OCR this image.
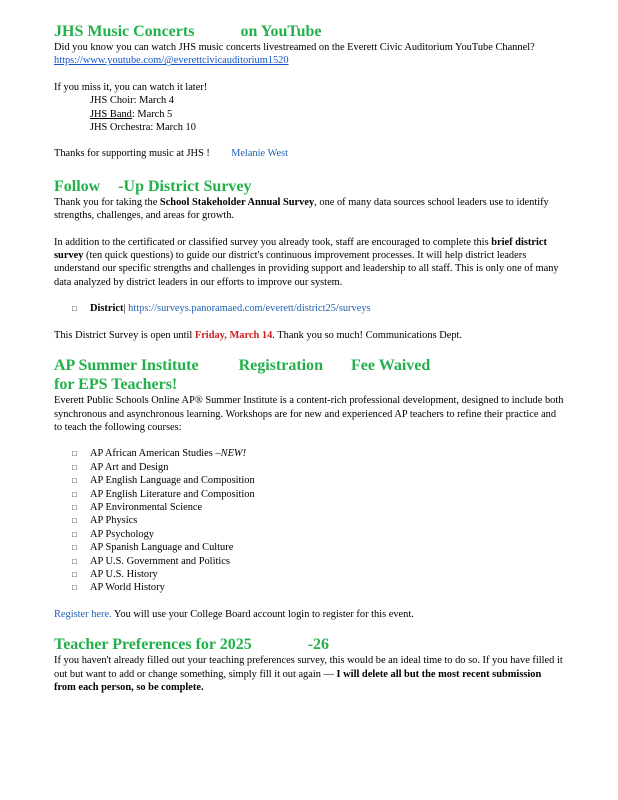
JHS Music Concerts	on YouTube

Did you know you can watch JHS music concerts livestreamed on the Everett Civic Auditorium YouTube Channel? https://www.youtube.com/@everettcivicauditorium1520

If you miss it, you can watch it later!

JHS Choir: March 4

JHS Band: March 5

JHS Orchestra: March 10

Thanks for supporting music at JHS ! Melanie West

Follow -Up District Survey

Thank you for taking the School Stakeholder Annual Survey, one of many data sources school leaders use to identify strengths, challenges, and areas for growth.

In addition to the certificated or classified survey you already took, staff are encouraged to complete this brief district survey (ten quick questions) to guide our district's continuous improvement processes. It will help district leaders understand our specific strengths and challenges in providing support and leadership to all staff. This is only one of many data analyzed by district leaders in our efforts to improve our system.

□	District| https://surveys.panoramaed.com/everett/district25/surveys

This District Survey is open until Friday, March 14. Thank you so much! Communications Dept.

AP Summer Institute	Registration Fee Waived
for EPS Teachers!

Everett Public Schools Online AP® Summer Institute is a content-rich professional development, designed to include both synchronous and asynchronous learning. Workshops are for new and experienced AP teachers to refine their practice and to teach the following courses:

□	AP African American Studies – NEW!
□	AP Art and Design
□	AP English Language and Composition
□	AP English Literature and Composition
□	AP Environmental Science
□	AP Physics
□	AP Psychology
□	AP Spanish Language and Culture
□	AP U.S. Government and Politics
□	AP U.S. History
□	AP World History

Register here. You will use your College Board account login to register for this event.

Teacher Preferences for 2025	-26

If you haven't already filled out your teaching preferences survey, this would be an ideal time to do so. If you have filled it out but want to add or change something, simply fill it out again — I will delete all but the most recent submission from each person, so be complete.
